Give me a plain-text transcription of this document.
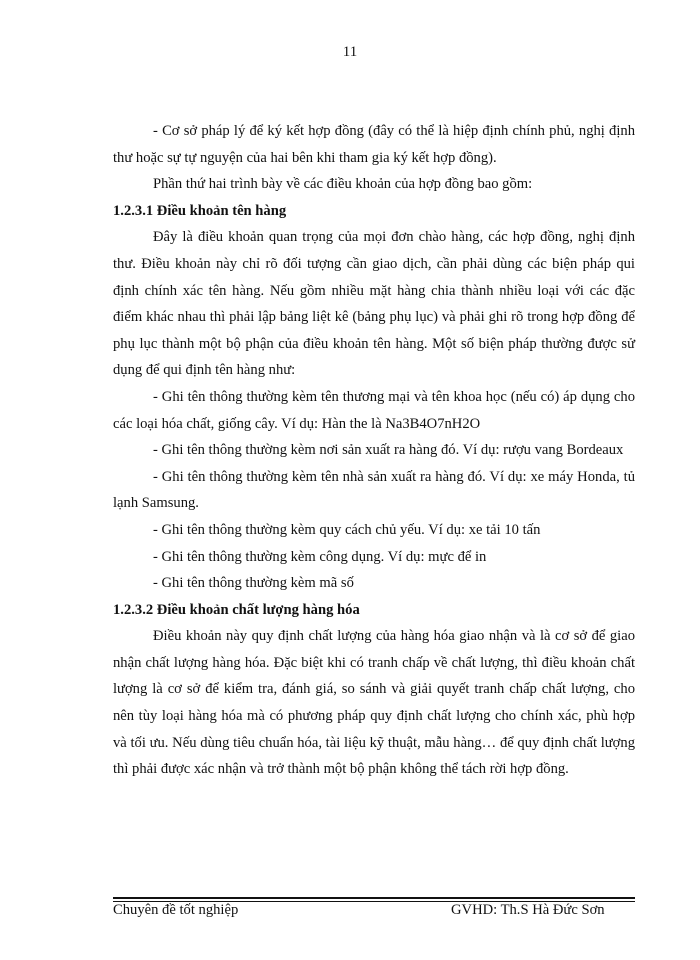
11

- Cơ sở pháp lý để ký kết hợp đồng (đây có thể là hiệp định chính phủ, nghị định thư hoặc sự tự nguyện của hai bên khi tham gia ký kết hợp đồng).

Phần thứ hai trình bày về các điều khoản của hợp đồng bao gồm:

1.2.3.1 Điều khoản tên hàng

Đây là điều khoản quan trọng của mọi đơn chào hàng, các hợp đồng, nghị định thư. Điều khoản này chỉ rõ đối tượng cần giao dịch, cần phải dùng các biện pháp qui định chính xác tên hàng. Nếu gồm nhiều mặt hàng chia thành nhiều loại với các đặc điểm khác nhau thì phải lập bảng liệt kê (bảng phụ lục) và phải ghi rõ trong hợp đồng để phụ lục thành một bộ phận của điều khoản tên hàng. Một số biện pháp thường được sử dụng để qui định tên hàng như:

- Ghi tên thông thường kèm tên thương mại và tên khoa học (nếu có) áp dụng cho các loại hóa chất, giống cây. Ví dụ: Hàn the là Na3B4O7nH2O

- Ghi tên thông thường kèm nơi sản xuất ra hàng đó. Ví dụ: rượu vang Bordeaux

- Ghi tên thông thường kèm tên nhà sản xuất ra hàng đó. Ví dụ: xe máy Honda, tủ lạnh Samsung.

- Ghi tên thông thường kèm quy cách chủ yếu. Ví dụ: xe tải 10 tấn

- Ghi tên thông thường kèm công dụng. Ví dụ: mực để in

- Ghi tên thông thường kèm mã số

1.2.3.2 Điều khoản chất lượng hàng hóa

Điều khoản này quy định chất lượng của hàng hóa giao nhận và là cơ sở để giao nhận chất lượng hàng hóa. Đặc biệt khi có tranh chấp về chất lượng, thì điều khoản chất lượng là cơ sở để kiểm tra, đánh giá, so sánh và giải quyết tranh chấp chất lượng, cho nên tùy loại hàng hóa mà có phương pháp quy định chất lượng cho chính xác, phù hợp và tối ưu. Nếu dùng tiêu chuẩn hóa, tài liệu kỹ thuật, mẫu hàng… để quy định chất lượng thì phải được xác nhận và trở thành một bộ phận không thể tách rời hợp đồng.

Chuyên đề tốt nghiệp	GVHD: Th.S Hà Đức Sơn
